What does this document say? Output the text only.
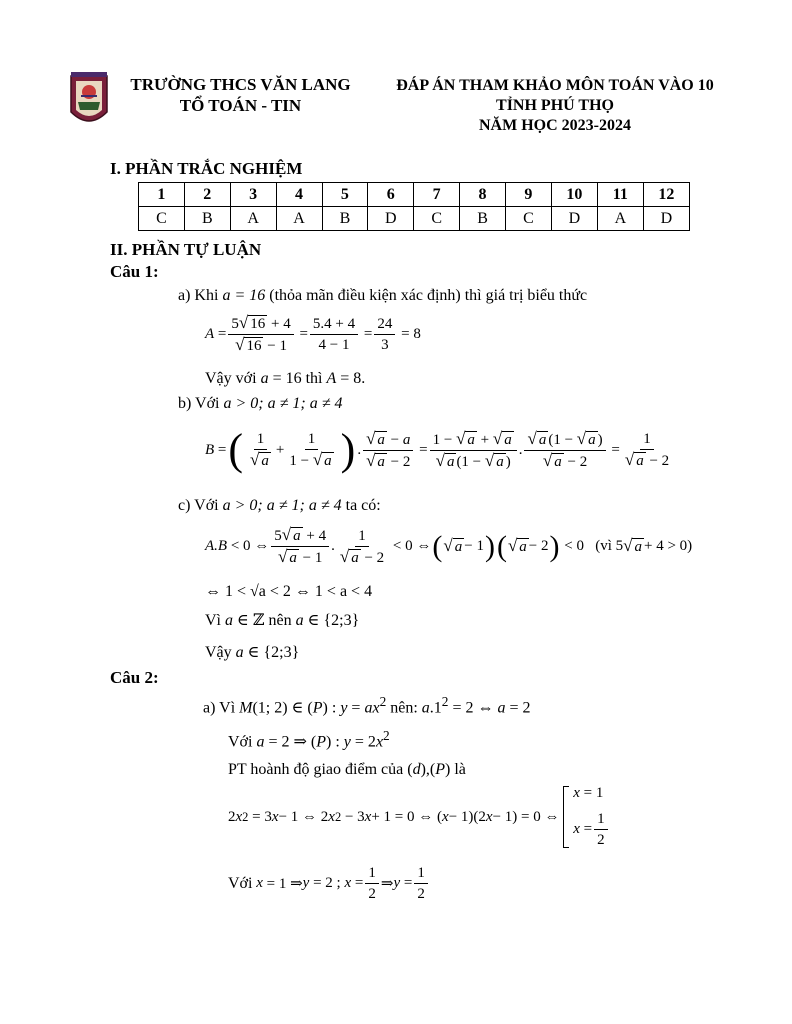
TRƯỜNG THCS VĂN LANG
TỔ TOÁN - TIN
ĐÁP ÁN THAM KHẢO MÔN TOÁN VÀO 10
TỈNH PHÚ THỌ
NĂM HỌC 2023-2024
I. PHẦN TRẮC NGHIỆM
1	2	3	4	5	6	7	8	9	10	11	12
C	B	A	A	B	D	C	B	C	D	A	D
II. PHẦN TỰ LUẬN
Câu 1:
a) Khi a = 16 (thỏa mãn điều kiện xác định) thì giá trị biểu thức
$A = \frac{5 √ 16 + 4}{√ 16 - 1} = \frac{5.4 + 4}{4 - 1} = \frac{24}{3} = 8$
Vậy với a = 16 thì A = 8.
b) Với a > 0; a ≠ 1; a ≠ 4
B = ( $\frac{1}{√ a} + \frac{1}{1 - √ a}$ ) . $\frac{√ a - a}{√ a - 2} = \frac{1 - √ a + √ a}{√ a (1 - √ a )}$ . $\frac{√ a (1 - √ a )}{√ a - 2} = \frac{1}{√ a - 2}$
c) Với a > 0; a ≠ 1; a ≠ 4 ta có:
A.B < 0 ⇔ $\frac{5 √ a + 4}{√ a - 1}$ . $\frac{1}{√ a - 2} < 0$ ⇔ ( √ a − 1 ) ( √ a − 2 ) < 0   (vì 5 √ a + 4 > 0)
⇔ 1 < √a < 2 ⇔ 1 < a < 4
Vì a ∈ ℤ nên a ∈ {2;3}
Vậy a ∈ {2;3}
Câu 2:
a) Vì M(1; 2) ∈ (P) : $y = ax^2$ nên: $a.1^2 = 2$ ⇔ a = 2
Với a = 2 ⇒ (P) : $y = 2x^2$
PT hoành độ giao điểm của (d),(P) là
2 x 2 = 3 x − 1 ⇔ 2 x 2 − 3 x + 1 = 0 ⇔ ( x − 1)(2 x − 1) = 0 ⇔
x = 1
$x = \frac{1}{2}$
Với
x = 1 ⇒ y = 2 ; $x = \frac{1}{2}$ ⇒ $y = \frac{1}{2}$
